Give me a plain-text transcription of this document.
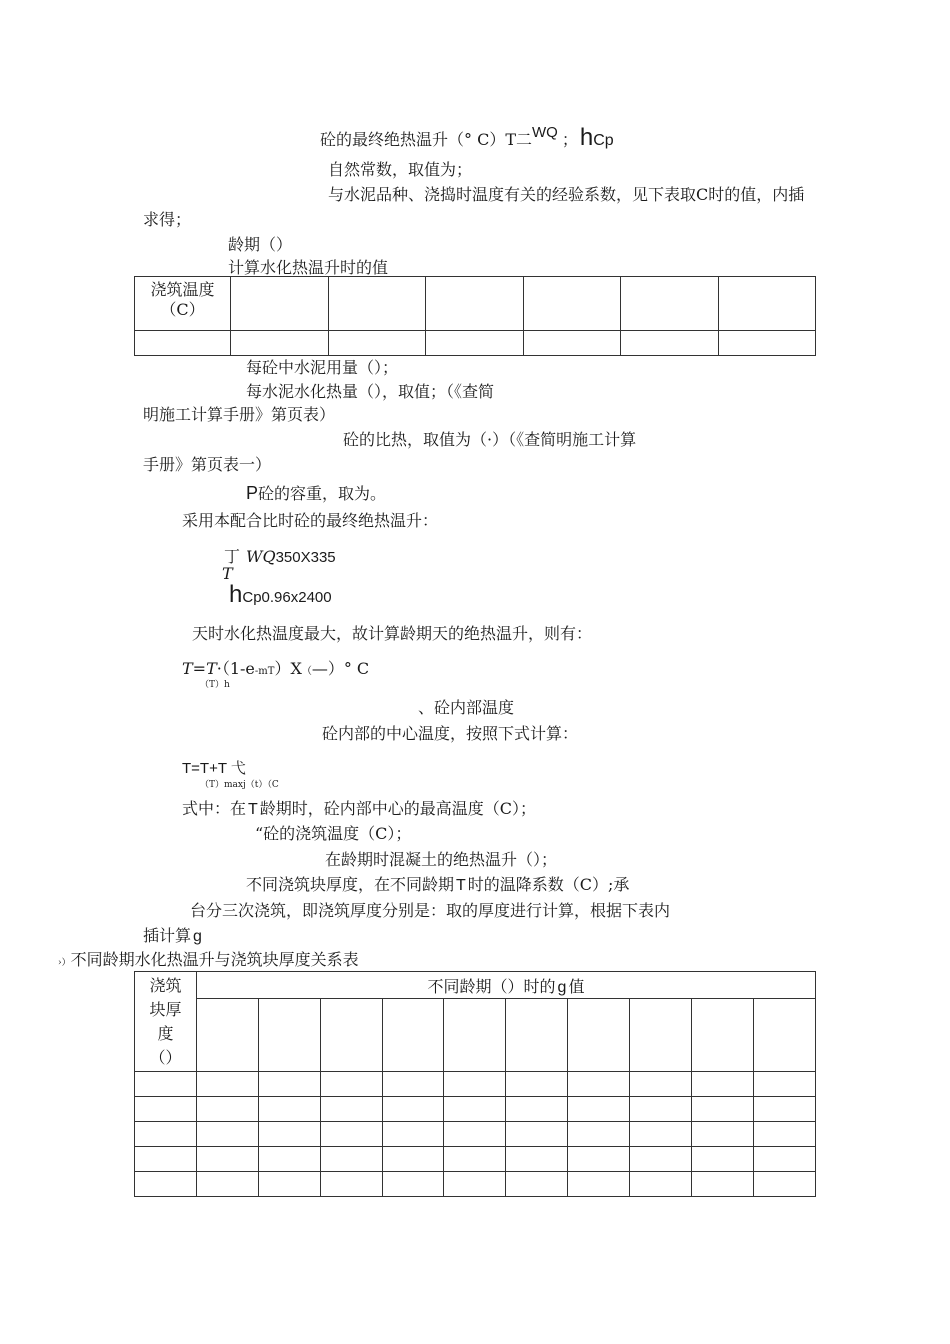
砼的最终绝热温升（° C）T二WQ ；hCp
自然常数，取值为；
与水泥品种、浇捣时温度有关的经验系数，见下表取C时的值，内插
求得；
龄期（）
计算水化热温升时的值
浇筑温度
（C）						

每砼中水泥用量（）；
每水泥水化热量（），取值；（《查简
明施工计算手册》第页表）
砼的比热，取值为（·）（《查简明施工计算
手册》第页表一）
P砼的容重，取为。
采用本配合比时砼的最终绝热温升：
丁 WQ350X335
T
hCp0.96x2400
天时水化热温度最大，故计算龄期天的绝热温升，则有：
T=T·（1-e-mT）X（—）° C
（T）h
、砼内部温度
砼内部的中心温度，按照下式计算：
T=T+T 弋
（T）maxj（t）（C
式中：在 T 龄期时，砼内部中心的最高温度（C）；
“砼的浇筑温度（C）；
在龄期时混凝土的绝热温升（）；
不同浇筑块厚度，在不同龄期 T 时的温降系数（C）;承
台分三次浇筑，即浇筑厚度分别是：取的厚度进行计算，根据下表内
插计算 g
›）不同龄期水化热温升与浇筑块厚度关系表
浇筑
块厚
度
（）	不同龄期（）时的 g 值									
